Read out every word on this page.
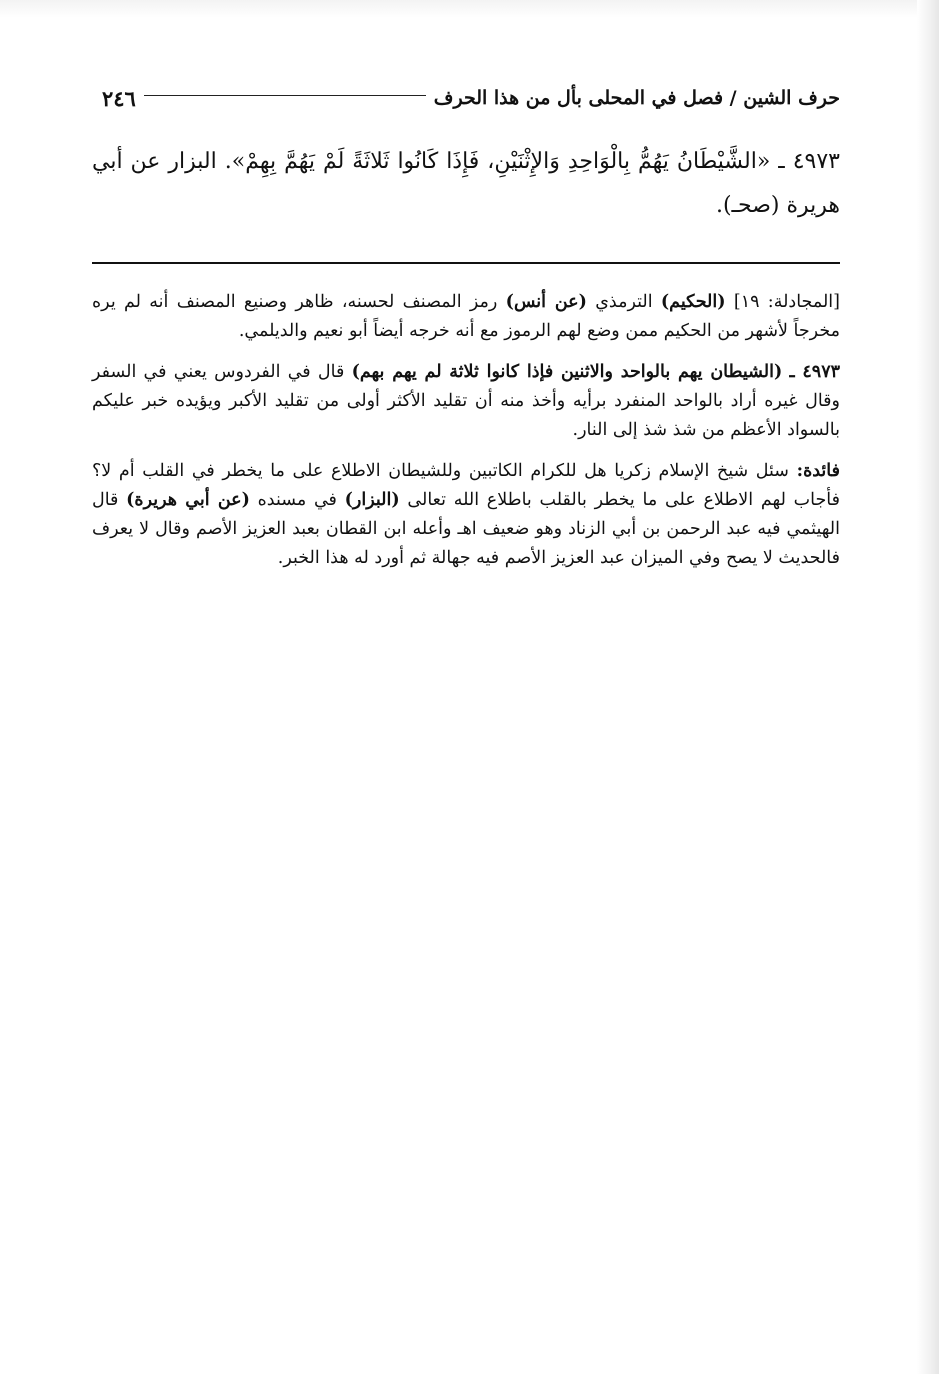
٢٤٦	حرف الشين / فصل في المحلى بأل من هذا الحرف
٤٩٧٣ ـ «الشَّيْطَانُ يَهُمُّ بِالْوَاحِدِ وَالإِثْنَيْنِ، فَإِذَا كَانُوا ثَلاثَةً لَمْ يَهُمَّ بِهِمْ». البزار عن أبي هريرة (صحـ).

[المجادلة: ١٩] (الحكيم) الترمذي (عن أنس) رمز المصنف لحسنه، ظاهر وصنيع المصنف أنه لم يره مخرجاً لأشهر من الحكيم ممن وضع لهم الرموز مع أنه خرجه أيضاً أبو نعيم والديلمي.

٤٩٧٣ ـ (الشيطان يهم بالواحد والاثنين فإذا كانوا ثلاثة لم يهم بهم) قال في الفردوس يعني في السفر وقال غيره أراد بالواحد المنفرد برأيه وأخذ منه أن تقليد الأكثر أولى من تقليد الأكبر ويؤيده خبر عليكم بالسواد الأعظم من شذ شذ إلى النار.

فائدة: سئل شيخ الإسلام زكريا هل للكرام الكاتبين وللشيطان الاطلاع على ما يخطر في القلب أم لا؟ فأجاب لهم الاطلاع على ما يخطر بالقلب باطلاع الله تعالى (البزار) في مسنده (عن أبي هريرة) قال الهيثمي فيه عبد الرحمن بن أبي الزناد وهو ضعيف اهـ وأعله ابن القطان بعبد العزيز الأصم وقال لا يعرف فالحديث لا يصح وفي الميزان عبد العزيز الأصم فيه جهالة ثم أورد له هذا الخبر.
